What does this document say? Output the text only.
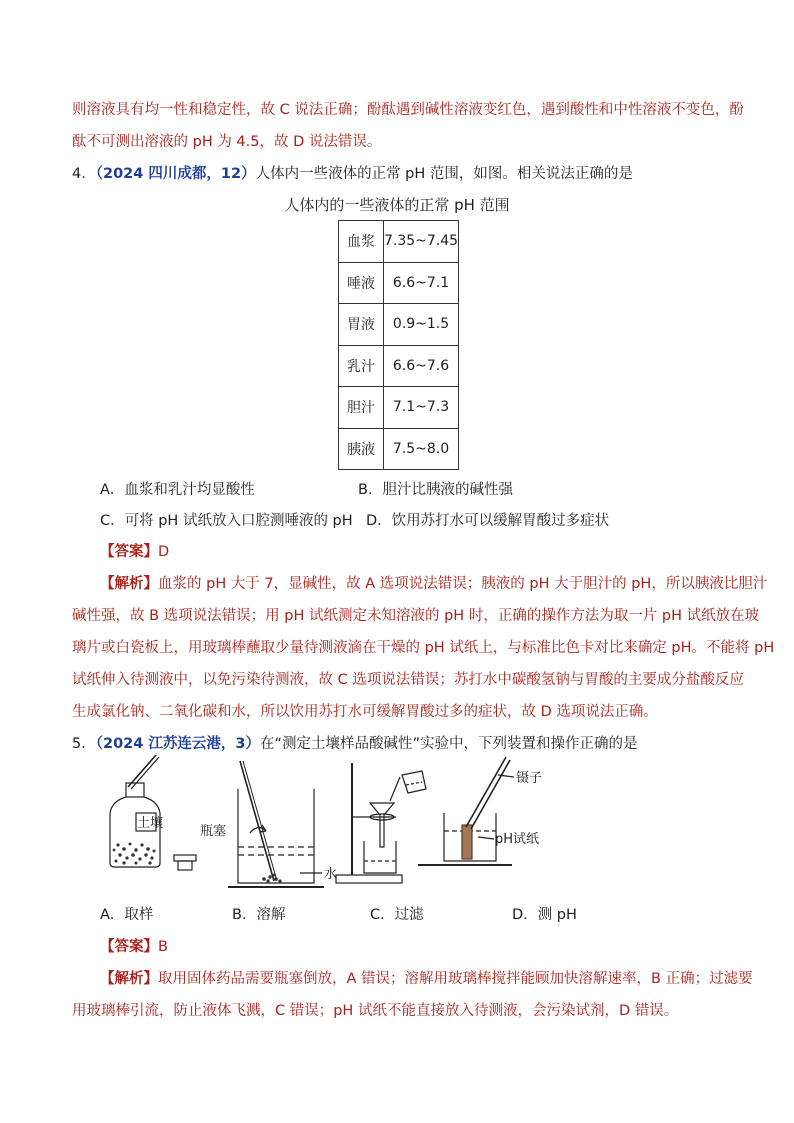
则溶液具有均一性和稳定性，故 C 说法正确；酚酞遇到碱性溶液变红色，遇到酸性和中性溶液不变色，酚
酞不可测出溶液的 pH 为 4.5，故 D 说法错误。
4．（2024 四川成都，12）人体内一些液体的正常 pH 范围，如图。相关说法正确的是
人体内的一些液体的正常 pH 范围
血浆	7.35~7.45
唾液	6.6~7.1
胃液	0.9~1.5
乳汁	6.6~7.6
胆汁	7.1~7.3
胰液	7.5~8.0
A．血浆和乳汁均显酸性	B．胆汁比胰液的碱性强
C．可将 pH 试纸放入口腔测唾液的 pH D．饮用苏打水可以缓解胃酸过多症状
【答案】D
【解析】血浆的 pH 大于 7，显碱性，故 A 选项说法错误；胰液的 pH 大于胆汁的 pH，所以胰液比胆汁
碱性强，故 B 选项说法错误；用 pH 试纸测定未知溶液的 pH 时，正确的操作方法为取一片 pH 试纸放在玻
璃片或白瓷板上，用玻璃棒蘸取少量待测液滴在干燥的 pH 试纸上，与标准比色卡对比来确定 pH。不能将 pH
试纸伸入待测液中，以免污染待测液，故 C 选项说法错误；苏打水中碳酸氢钠与胃酸的主要成分盐酸反应
生成氯化钠、二氧化碳和水，所以饮用苏打水可缓解胃酸过多的症状，故 D 选项说法正确。
5．（2024 江苏连云港，3）在“测定土壤样品酸碱性”实验中，下列装置和操作正确的是
土壤
瓶塞
水
镊子
pH试纸
A．取样	B．溶解	C．过滤	D．测 pH
【答案】B
【解析】取用固体药品需要瓶塞倒放，A 错误；溶解用玻璃棒搅拌能顾加快溶解速率，B 正确；过滤要
用玻璃棒引流，防止液体飞溅，C 错误；pH 试纸不能直接放入待测液，会污染试剂，D 错误。
